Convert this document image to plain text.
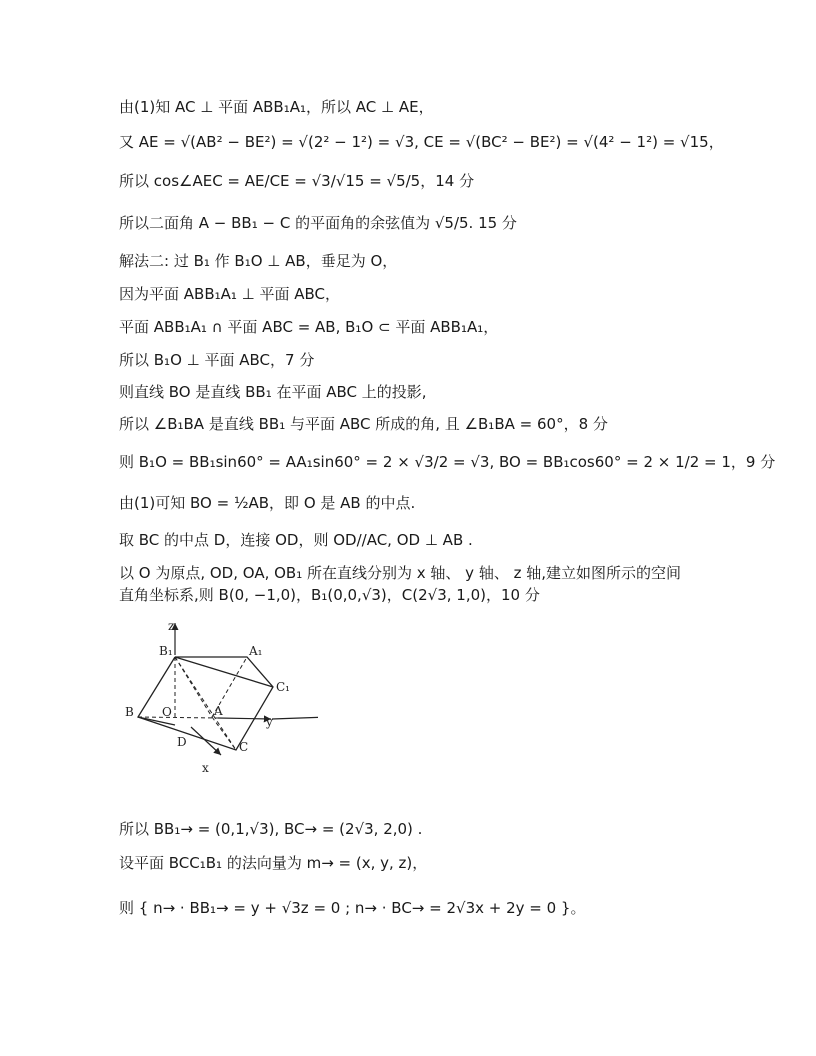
由(1)知 AC ⊥ 平面 ABB₁A₁，所以 AC ⊥ AE，
又 AE = √(AB² − BE²) = √(2² − 1²) = √3, CE = √(BC² − BE²) = √(4² − 1²) = √15，
所以 cos∠AEC = AE/CE = √3/√15 = √5/5，14 分
所以二面角 A − BB₁ − C 的平面角的余弦值为 √5/5. 15 分
解法二: 过 B₁ 作 B₁O ⊥ AB，垂足为 O，
因为平面 ABB₁A₁ ⊥ 平面 ABC，
平面 ABB₁A₁ ∩ 平面 ABC = AB, B₁O ⊂ 平面 ABB₁A₁，
所以 B₁O ⊥ 平面 ABC，7 分
则直线 BO 是直线 BB₁ 在平面 ABC 上的投影,
所以 ∠B₁BA 是直线 BB₁ 与平面 ABC 所成的角, 且 ∠B₁BA = 60°，8 分
则 B₁O = BB₁sin60° = AA₁sin60° = 2 × √3/2 = √3, BO = BB₁cos60° = 2 × 1/2 = 1，9 分
由(1)可知 BO = ½AB，即 O 是 AB 的中点.
取 BC 的中点 D，连接 OD，则 OD//AC, OD ⊥ AB .
以 O 为原点, OD, OA, OB₁ 所在直线分别为 x 轴、 y 轴、 z 轴,建立如图所示的空间
直角坐标系,则 B(0, −1,0)，B₁(0,0,√3)，C(2√3, 1,0)，10 分
z
B₁	A₁
C₁
B O	A
y
D	C
x
所以 BB₁→ = (0,1,√3), BC→ = (2√3, 2,0) .
设平面 BCC₁B₁ 的法向量为 m→ = (x, y, z)，
则 { n→ · BB₁→ = y + √3z = 0 ; n→ · BC→ = 2√3x + 2y = 0 }。
